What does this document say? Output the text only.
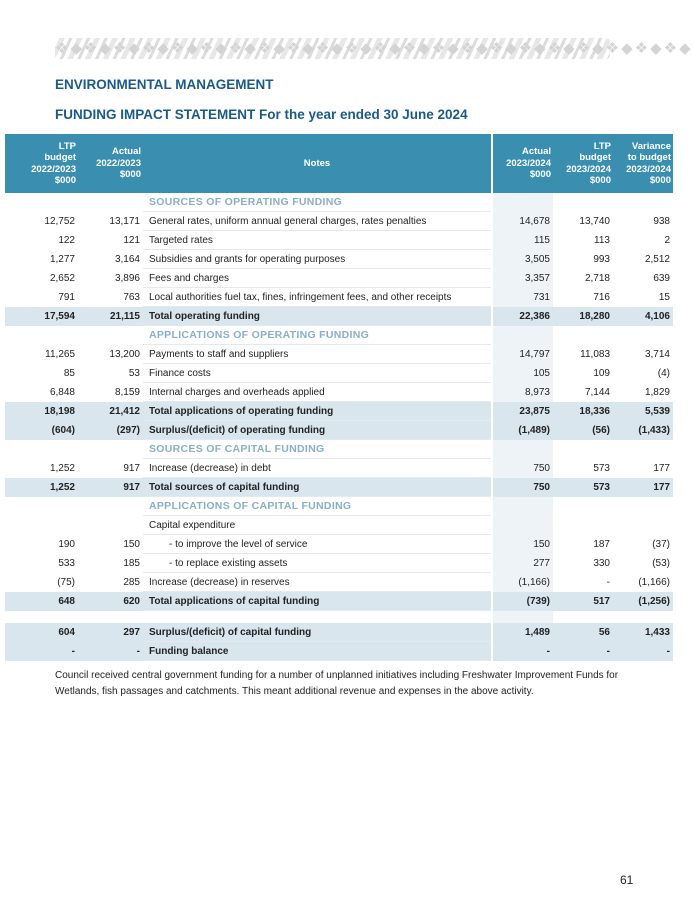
❖◆❖◆❖◆❖◆❖◆❖◆❖◆❖◆❖◆❖◆❖◆❖◆❖◆❖◆❖◆❖◆❖◆❖◆❖◆❖◆❖◆❖◆
ENVIRONMENTAL MANAGEMENT
FUNDING IMPACT STATEMENT For the year ended 30 June 2024
LTP
budget
2022/2023
$000	Actual
2022/2023
$000	Notes	Actual
2023/2024
$000	LTP
budget
2023/2024
$000	Variance
to budget
2023/2024
$000
		SOURCES OF OPERATING FUNDING			
12,752	13,171	General rates, uniform annual general charges, rates penalties	14,678	13,740	938
122	121	Targeted rates	115	113	2
1,277	3,164	Subsidies and grants for operating purposes	3,505	993	2,512
2,652	3,896	Fees and charges	3,357	2,718	639
791	763	Local authorities fuel tax, fines, infringement fees, and other receipts	731	716	15
17,594	21,115	Total operating funding	22,386	18,280	4,106
		APPLICATIONS OF OPERATING FUNDING			
11,265	13,200	Payments to staff and suppliers	14,797	11,083	3,714
85	53	Finance costs	105	109	(4)
6,848	8,159	Internal charges and overheads applied	8,973	7,144	1,829
18,198	21,412	Total applications of operating funding	23,875	18,336	5,539
(604)	(297)	Surplus/(deficit) of operating funding	(1,489)	(56)	(1,433)
		SOURCES OF CAPITAL FUNDING			
1,252	917	Increase (decrease) in debt	750	573	177
1,252	917	Total sources of capital funding	750	573	177
		APPLICATIONS OF CAPITAL FUNDING			
		Capital expenditure			
190	150	- to improve the level of service	150	187	(37)
533	185	- to replace existing assets	277	330	(53)
(75)	285	Increase (decrease) in reserves	(1,166)	-	(1,166)
648	620	Total applications of capital funding	(739)	517	(1,256)

604	297	Surplus/(deficit) of capital funding	1,489	56	1,433
-	-	Funding balance	-	-	-
Council received central government funding for a number of unplanned initiatives including Freshwater Improvement Funds for Wetlands, fish passages and catchments. This meant additional revenue and expenses in the above activity.
61
